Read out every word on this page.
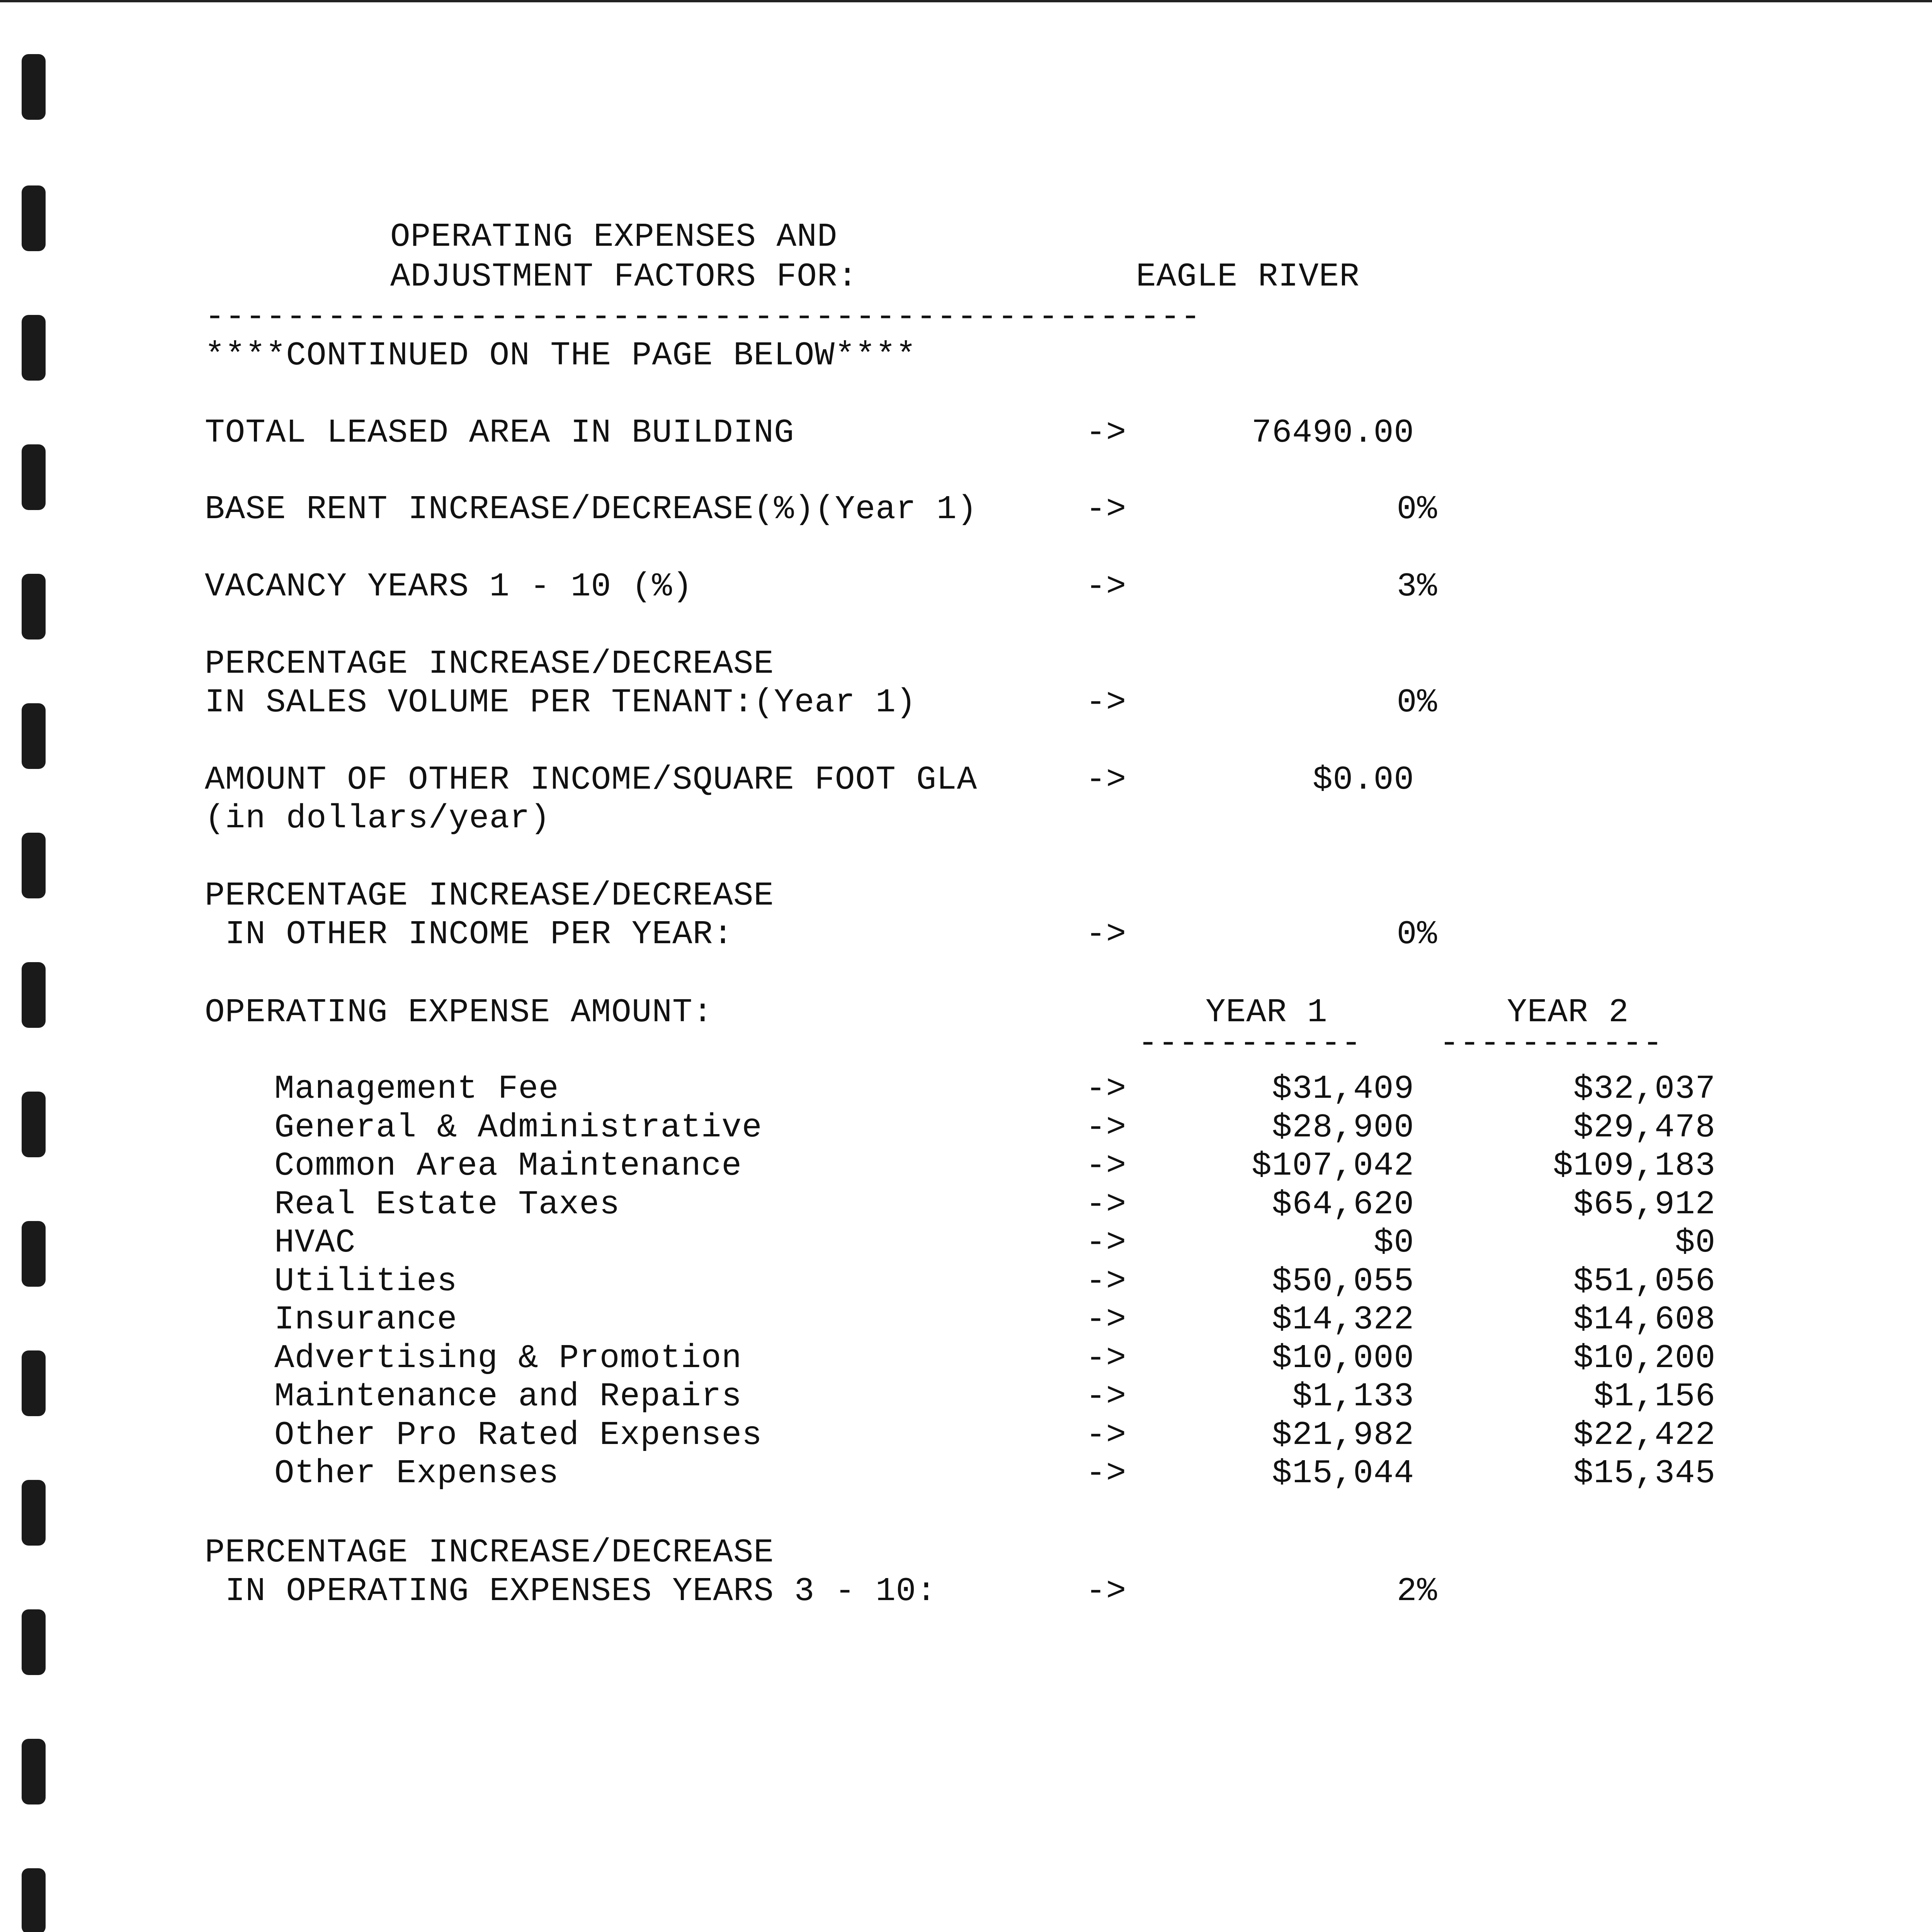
OPERATING EXPENSES AND
ADJUSTMENT FACTORS FOR:	EAGLE RIVER
-------------------------------------------------
****CONTINUED ON THE PAGE BELOW****
TOTAL LEASED AREA IN BUILDING	->	76490.00
BASE RENT INCREASE/DECREASE(%)(Year 1)	->	0%
VACANCY YEARS 1 - 10 (%)	->	3%
PERCENTAGE INCREASE/DECREASE
IN SALES VOLUME PER TENANT:(Year 1)	->	0%
AMOUNT OF OTHER INCOME/SQUARE FOOT GLA	->	$0.00
(in dollars/year)
PERCENTAGE INCREASE/DECREASE
IN OTHER INCOME PER YEAR:	->	0%
OPERATING EXPENSE AMOUNT:	YEAR 1	YEAR 2
----------- -----------
Management Fee	->	$31,409	$32,037
General & Administrative	->	$28,900	$29,478
Common Area Maintenance	->	$107,042	$109,183
Real Estate Taxes	->	$64,620	$65,912
HVAC	->	$0	$0
Utilities	->	$50,055	$51,056
Insurance	->	$14,322	$14,608
Advertising & Promotion	->	$10,000	$10,200
Maintenance and Repairs	->	$1,133	$1,156
Other Pro Rated Expenses	->	$21,982	$22,422
Other Expenses	->	$15,044	$15,345
PERCENTAGE INCREASE/DECREASE
IN OPERATING EXPENSES YEARS 3 - 10:	->	2%
